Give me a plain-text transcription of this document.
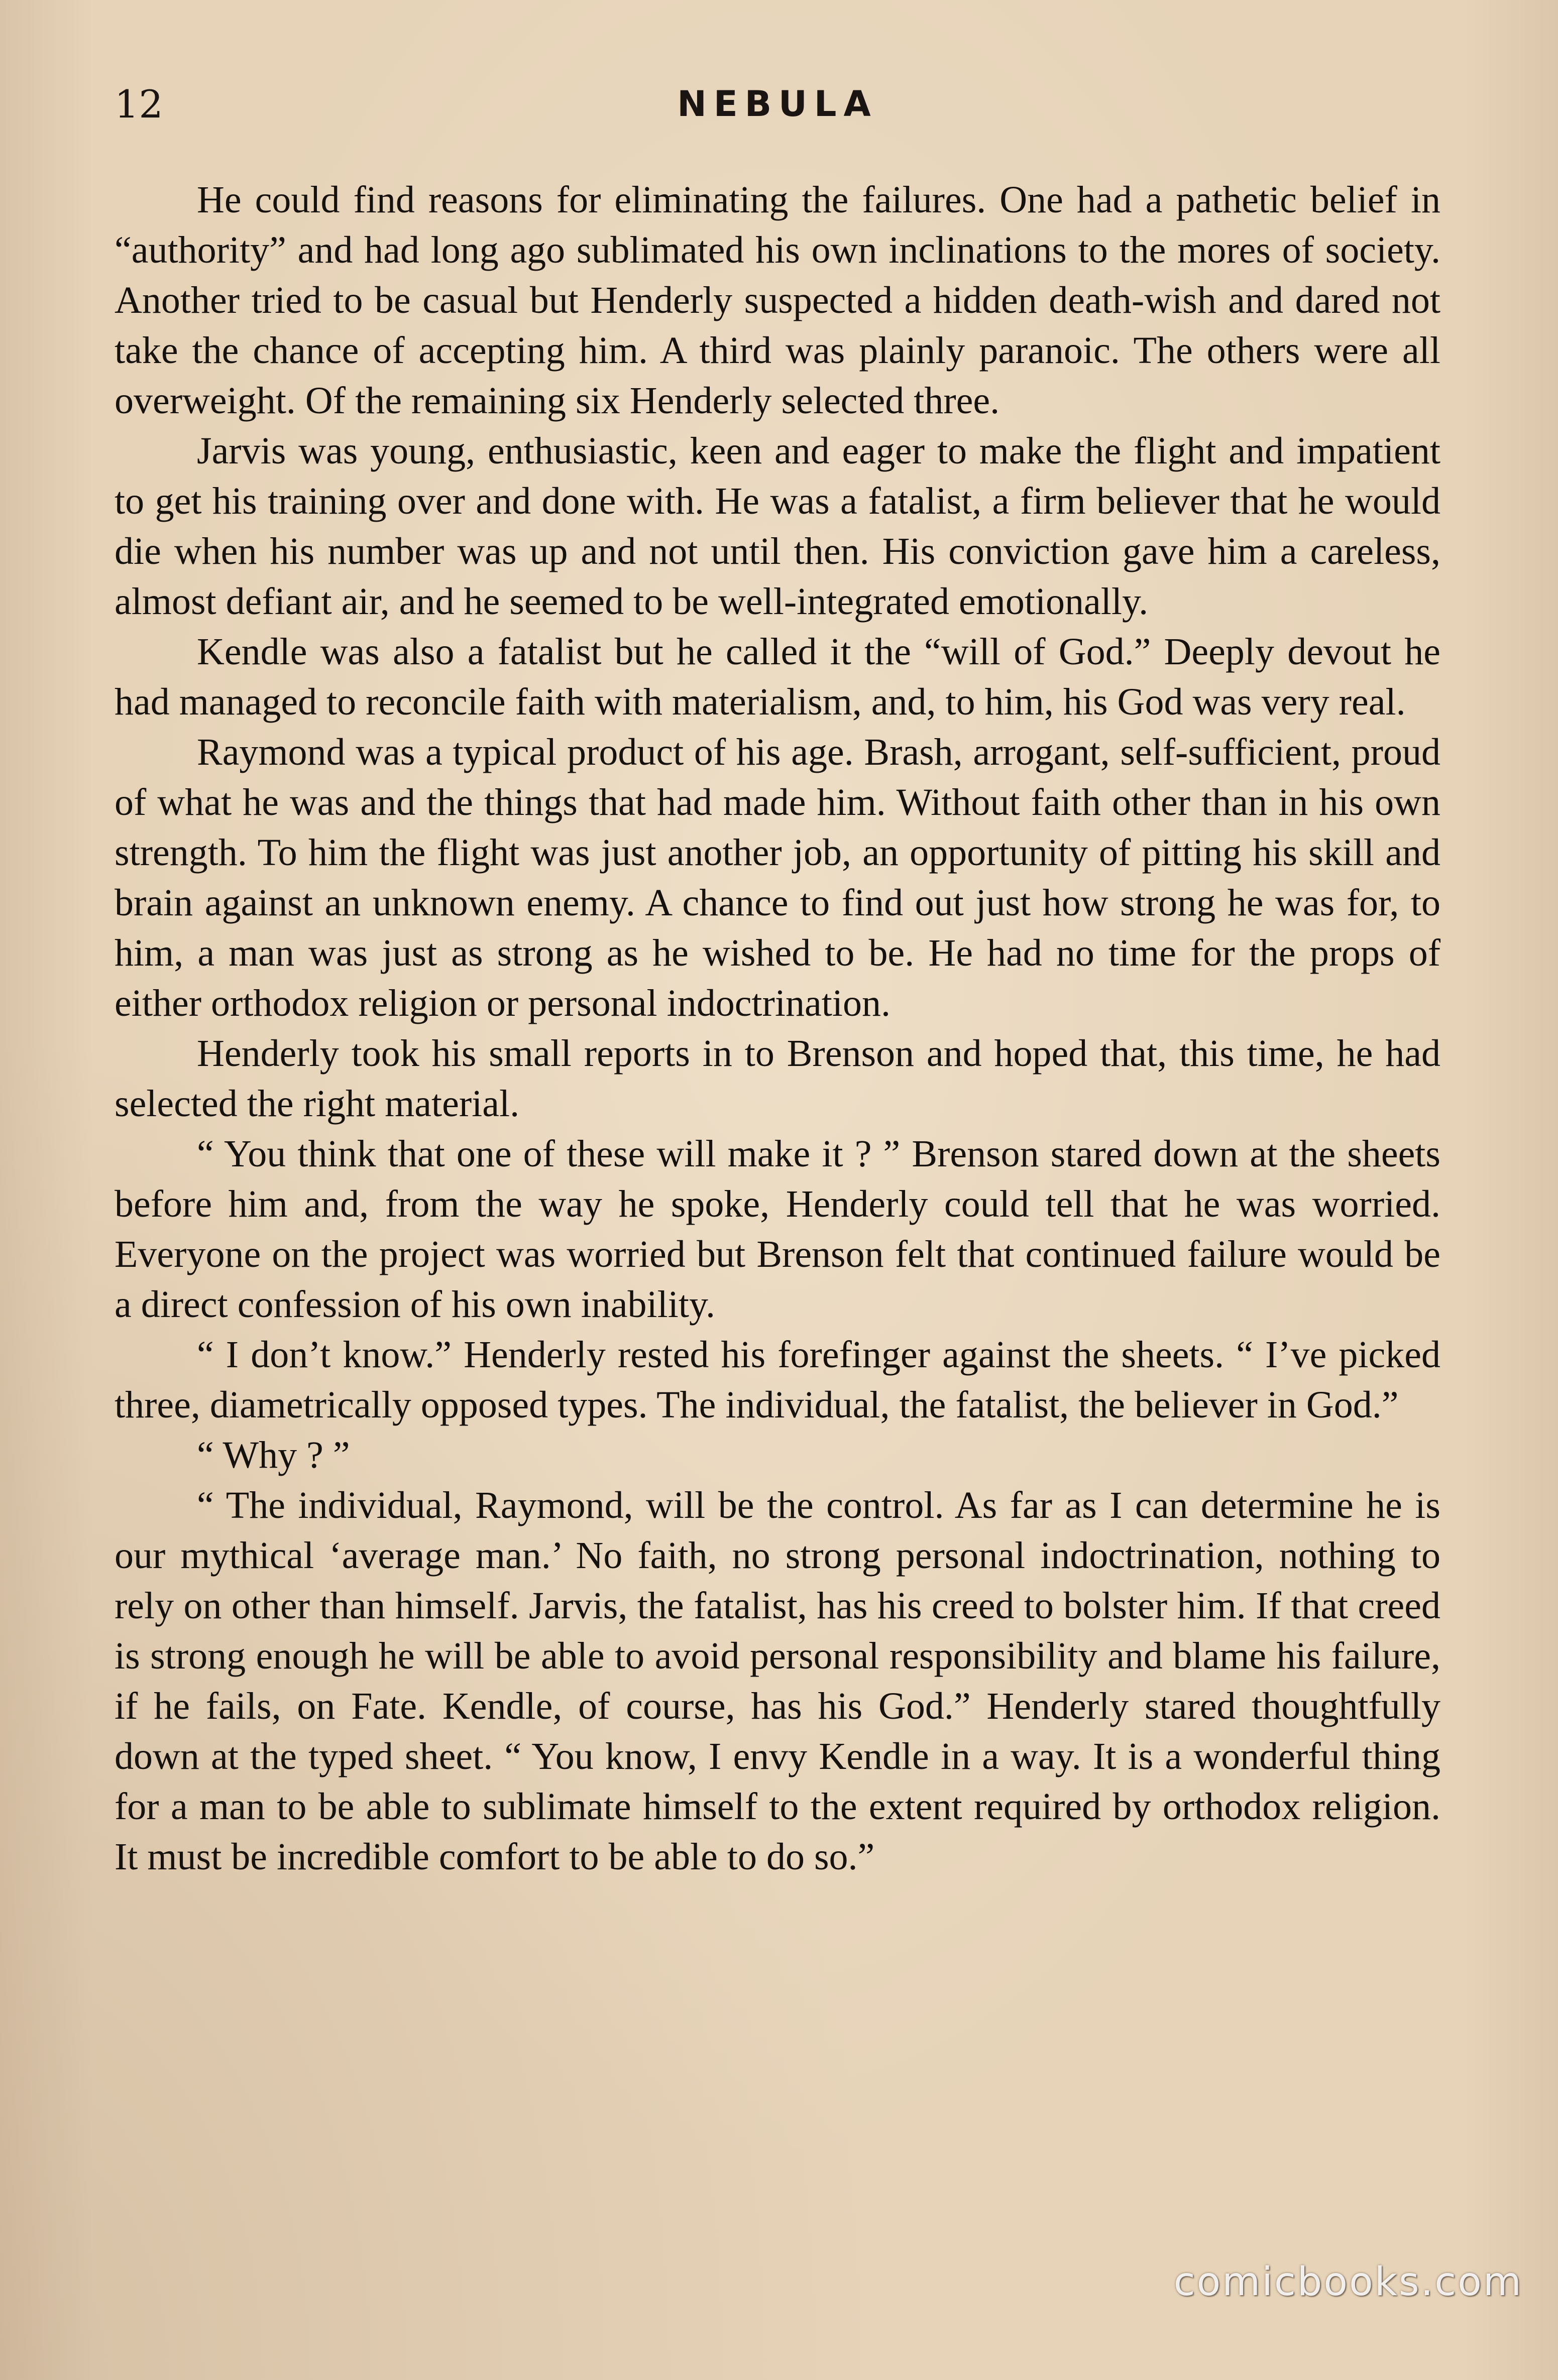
12	NEBULA

He could find reasons for eliminating the failures. One had a pathetic belief in “authority” and had long ago sublimated his own inclinations to the mores of society. Another tried to be casual but Henderly suspected a hidden death-wish and dared not take the chance of accepting him. A third was plainly paranoic. The others were all overweight. Of the remaining six Henderly selected three.

Jarvis was young, enthusiastic, keen and eager to make the flight and impatient to get his training over and done with. He was a fatalist, a firm believer that he would die when his number was up and not until then. His conviction gave him a careless, almost defiant air, and he seemed to be well-integrated emotionally.

Kendle was also a fatalist but he called it the “will of God.” Deeply devout he had managed to reconcile faith with materialism, and, to him, his God was very real.

Raymond was a typical product of his age. Brash, arrogant, self-sufficient, proud of what he was and the things that had made him. Without faith other than in his own strength. To him the flight was just another job, an opportunity of pitting his skill and brain against an unknown enemy. A chance to find out just how strong he was for, to him, a man was just as strong as he wished to be. He had no time for the props of either orthodox religion or personal indoctrination.

Henderly took his small reports in to Brenson and hoped that, this time, he had selected the right material.

“ You think that one of these will make it ? ” Brenson stared down at the sheets before him and, from the way he spoke, Henderly could tell that he was worried. Everyone on the project was worried but Brenson felt that continued failure would be a direct confession of his own inability.

“ I don’t know.” Henderly rested his forefinger against the sheets. “ I’ve picked three, diametrically opposed types. The individual, the fatalist, the believer in God.”

“ Why ? ”

“ The individual, Raymond, will be the control. As far as I can determine he is our mythical ‘average man.’ No faith, no strong personal indoctrination, nothing to rely on other than himself. Jarvis, the fatalist, has his creed to bolster him. If that creed is strong enough he will be able to avoid personal responsibility and blame his failure, if he fails, on Fate. Kendle, of course, has his God.” Henderly stared thoughtfully down at the typed sheet. “ You know, I envy Kendle in a way. It is a wonderful thing for a man to be able to sublimate himself to the extent required by orthodox religion. It must be incredible comfort to be able to do so.”

comicbooks.com
